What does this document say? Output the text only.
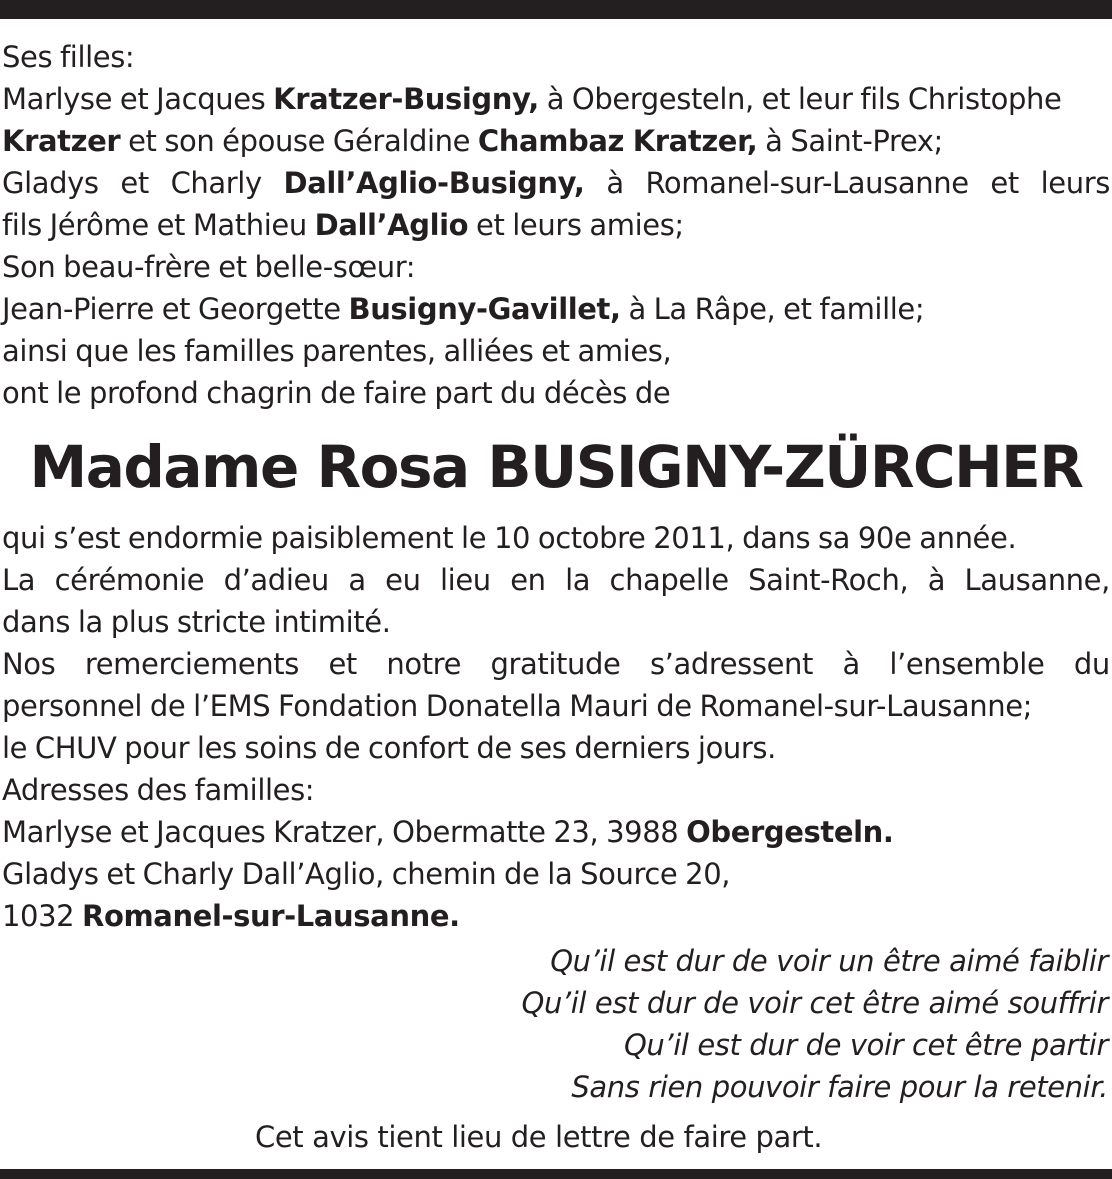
Ses filles:
Marlyse et Jacques Kratzer-Busigny, à Obergesteln, et leur fils Christophe
Kratzer et son épouse Géraldine Chambaz Kratzer, à Saint-Prex;
Gladys et Charly Dall’Aglio-Busigny, à Romanel-sur-Lausanne et leurs
fils Jérôme et Mathieu Dall’Aglio et leurs amies;
Son beau-frère et belle-sœur:
Jean-Pierre et Georgette Busigny-Gavillet, à La Râpe, et famille;
ainsi que les familles parentes, alliées et amies,
ont le profond chagrin de faire part du décès de
Madame Rosa BUSIGNY-ZÜRCHER
qui s’est endormie paisiblement le 10 octobre 2011, dans sa 90e année.
La cérémonie d’adieu a eu lieu en la chapelle Saint-Roch, à Lausanne,
dans la plus stricte intimité.
Nos remerciements et notre gratitude s’adressent à l’ensemble du
personnel de l’EMS Fondation Donatella Mauri de Romanel-sur-Lausanne;
le CHUV pour les soins de confort de ses derniers jours.
Adresses des familles:
Marlyse et Jacques Kratzer, Obermatte 23, 3988 Obergesteln.
Gladys et Charly Dall’Aglio, chemin de la Source 20,
1032 Romanel-sur-Lausanne.
Qu’il est dur de voir un être aimé faiblir
Qu’il est dur de voir cet être aimé souffrir
Qu’il est dur de voir cet être partir
Sans rien pouvoir faire pour la retenir.
Cet avis tient lieu de lettre de faire part.
